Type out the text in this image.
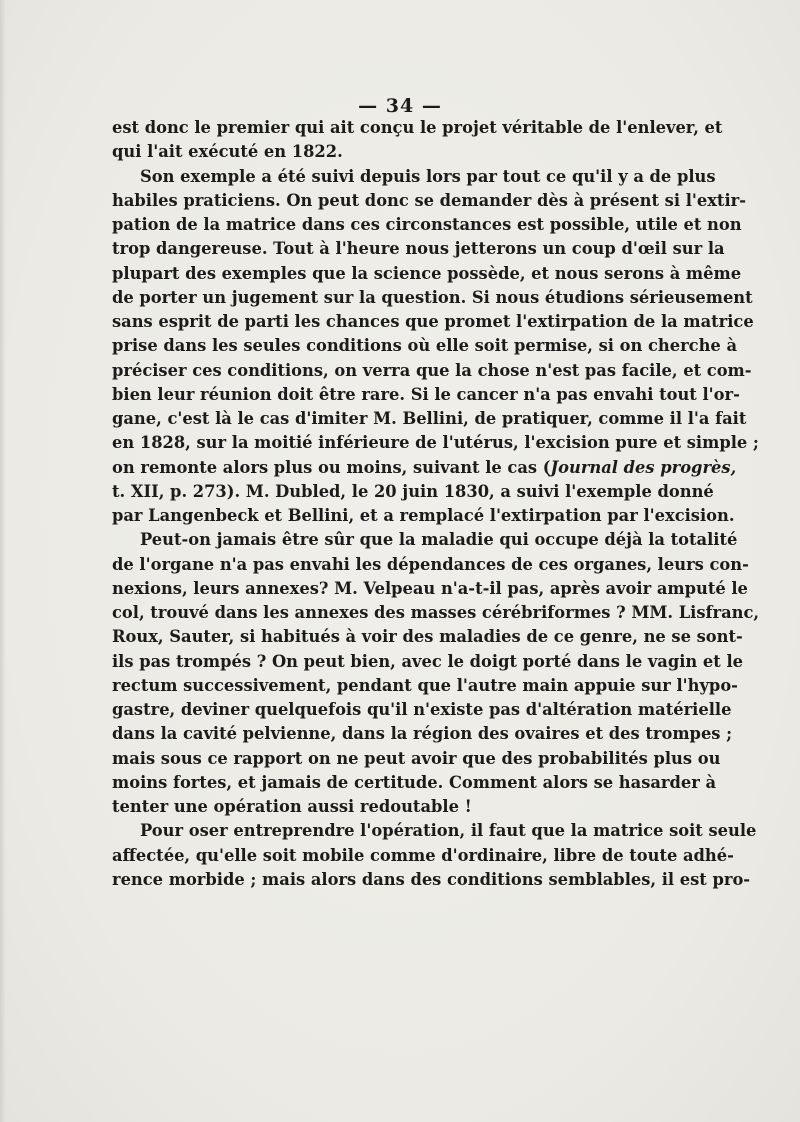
— 34 —
est donc le premier qui ait conçu le projet véritable de l'enlever, et
qui l'ait exécuté en 1822.
Son exemple a été suivi depuis lors par tout ce qu'il y a de plus
habiles praticiens. On peut donc se demander dès à présent si l'extir-
pation de la matrice dans ces circonstances est possible, utile et non
trop dangereuse. Tout à l'heure nous jetterons un coup d'œil sur la
plupart des exemples que la science possède, et nous serons à même
de porter un jugement sur la question. Si nous étudions sérieusement
sans esprit de parti les chances que promet l'extirpation de la matrice
prise dans les seules conditions où elle soit permise, si on cherche à
préciser ces conditions, on verra que la chose n'est pas facile, et com-
bien leur réunion doit être rare. Si le cancer n'a pas envahi tout l'or-
gane, c'est là le cas d'imiter M. Bellini, de pratiquer, comme il l'a fait
en 1828, sur la moitié inférieure de l'utérus, l'excision pure et simple ;
on remonte alors plus ou moins, suivant le cas (Journal des progrès,
t. XII, p. 273). M. Dubled, le 20 juin 1830, a suivi l'exemple donné
par Langenbeck et Bellini, et a remplacé l'extirpation par l'excision.
Peut-on jamais être sûr que la maladie qui occupe déjà la totalité
de l'organe n'a pas envahi les dépendances de ces organes, leurs con-
nexions, leurs annexes? M. Velpeau n'a-t-il pas, après avoir amputé le
col, trouvé dans les annexes des masses cérébriformes ? MM. Lisfranc,
Roux, Sauter, si habitués à voir des maladies de ce genre, ne se sont-
ils pas trompés ? On peut bien, avec le doigt porté dans le vagin et le
rectum successivement, pendant que l'autre main appuie sur l'hypo-
gastre, deviner quelquefois qu'il n'existe pas d'altération matérielle
dans la cavité pelvienne, dans la région des ovaires et des trompes ;
mais sous ce rapport on ne peut avoir que des probabilités plus ou
moins fortes, et jamais de certitude. Comment alors se hasarder à
tenter une opération aussi redoutable !
Pour oser entreprendre l'opération, il faut que la matrice soit seule
affectée, qu'elle soit mobile comme d'ordinaire, libre de toute adhé-
rence morbide ; mais alors dans des conditions semblables, il est pro-
